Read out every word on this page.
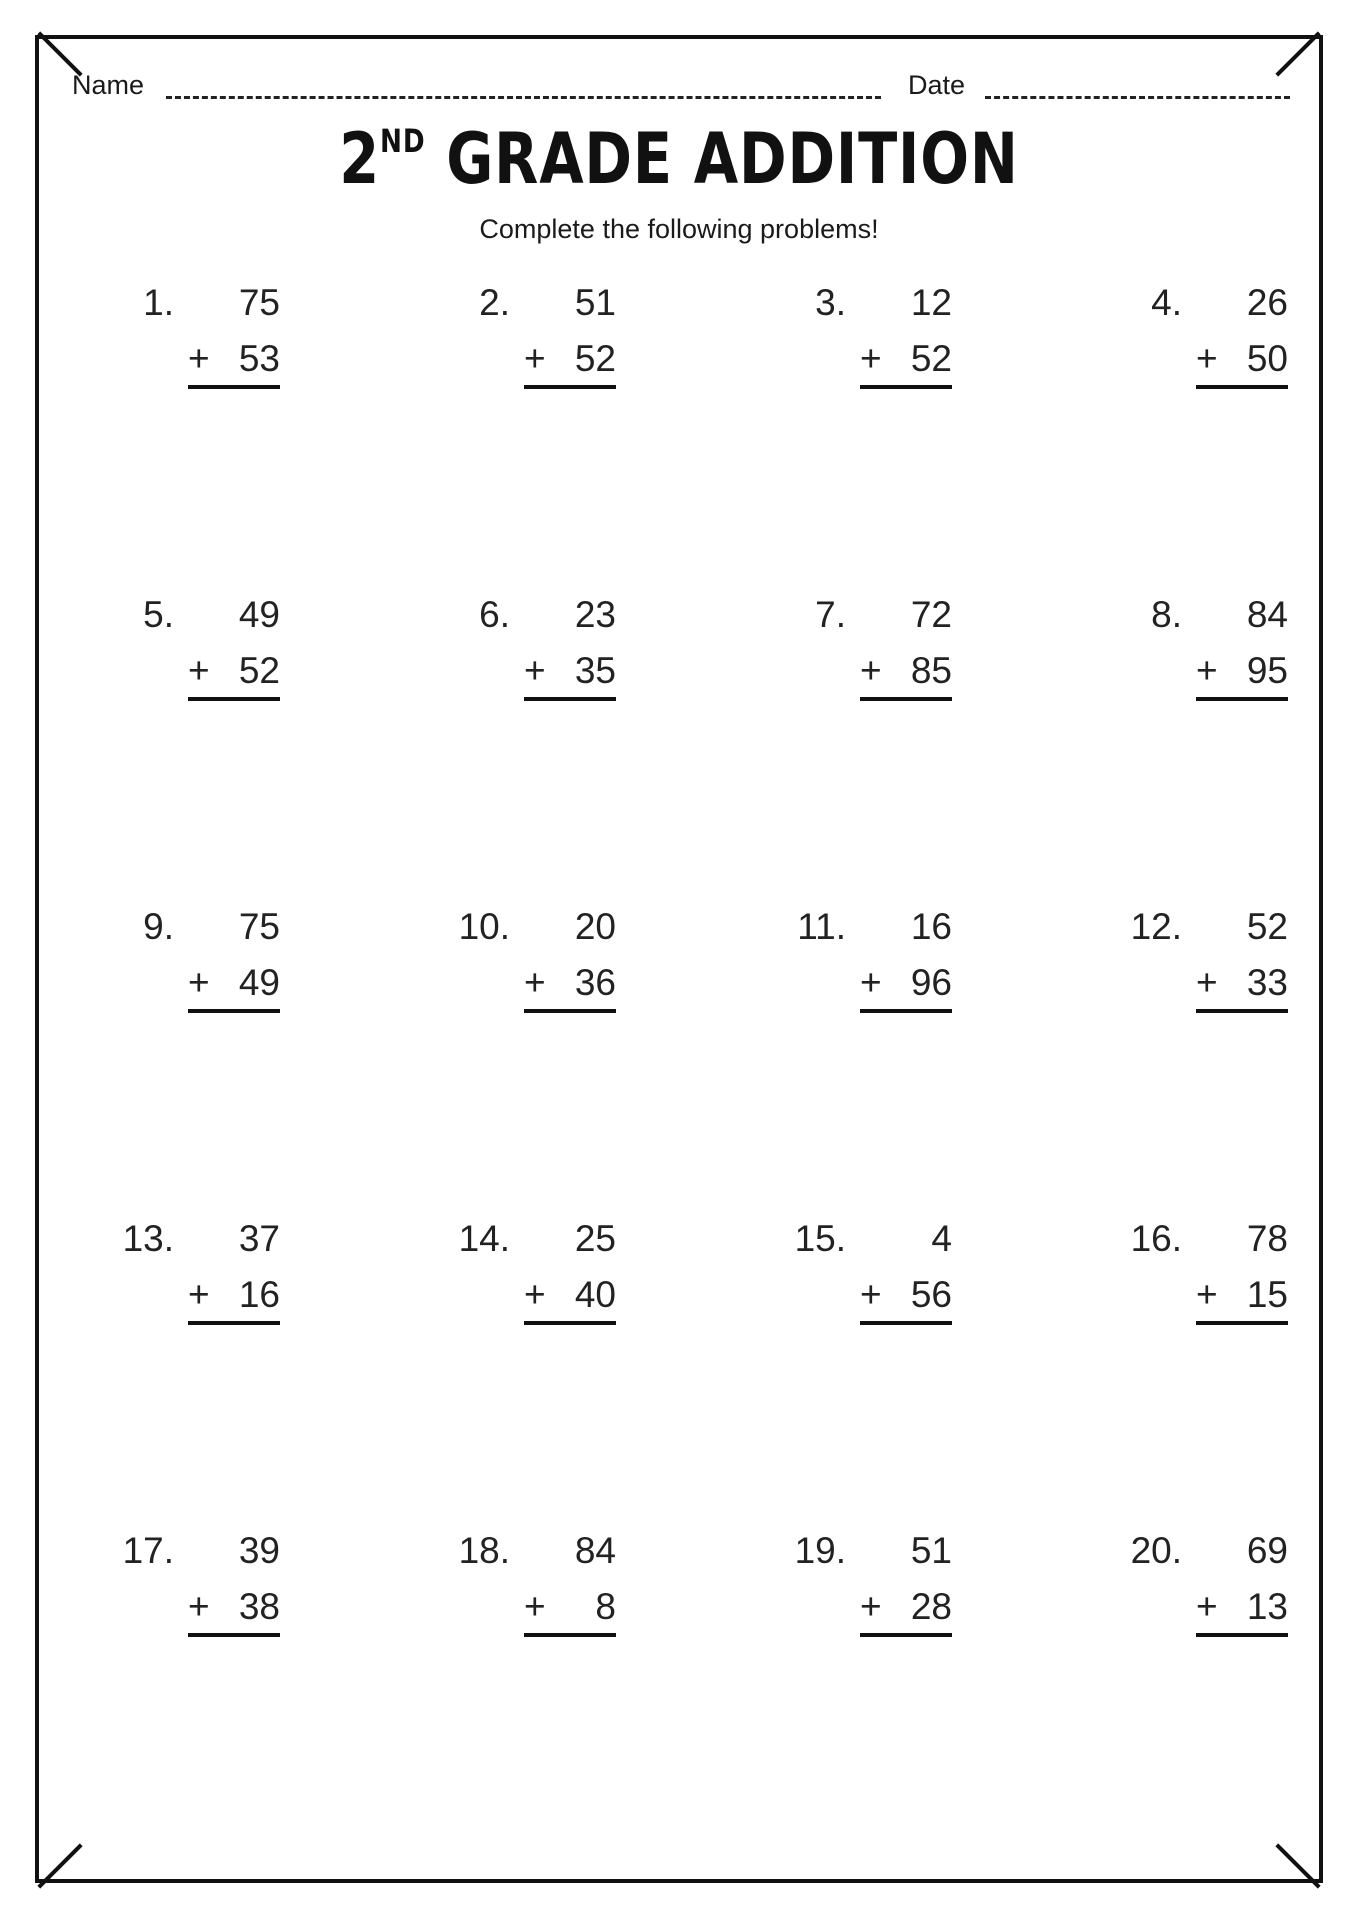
Name	Date
2ND GRADE ADDITION
Complete the following problems!
1.	75
+ 53
2.	51
+ 52
3.	12
+ 52
4.	26
+ 50
5.	49
+ 52
6.	23
+ 35
7.	72
+ 85
8.	84
+ 95
9.	75
+ 49
10.	20
+ 36
11.	16
+ 96
12.	52
+ 33
13.	37
+ 16
14.	25
+ 40
15.	4
+ 56
16.	78
+ 15
17.	39
+ 38
18.	84
+	8
19.	51
+ 28
20.	69
+ 13
